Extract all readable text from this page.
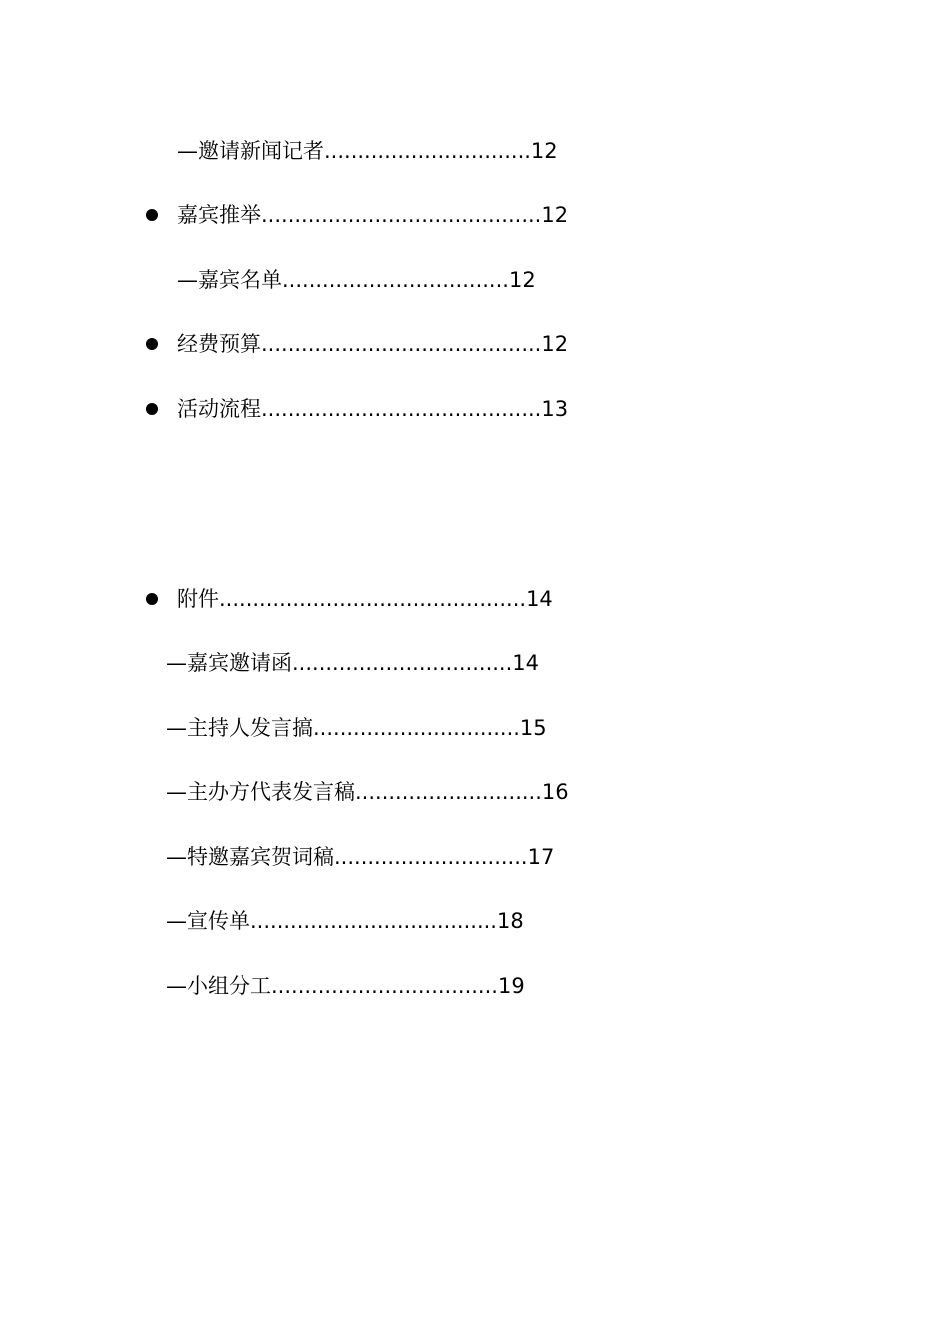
—邀请新闻记者...............................12
嘉宾推举..........................................12
—嘉宾名单..................................12
经费预算..........................................12
活动流程..........................................13
附件..............................................14
—嘉宾邀请函.................................14
—主持人发言搞...............................15
—主办方代表发言稿............................16
—特邀嘉宾贺词稿.............................17
—宣传单.....................................18
—小组分工..................................19
